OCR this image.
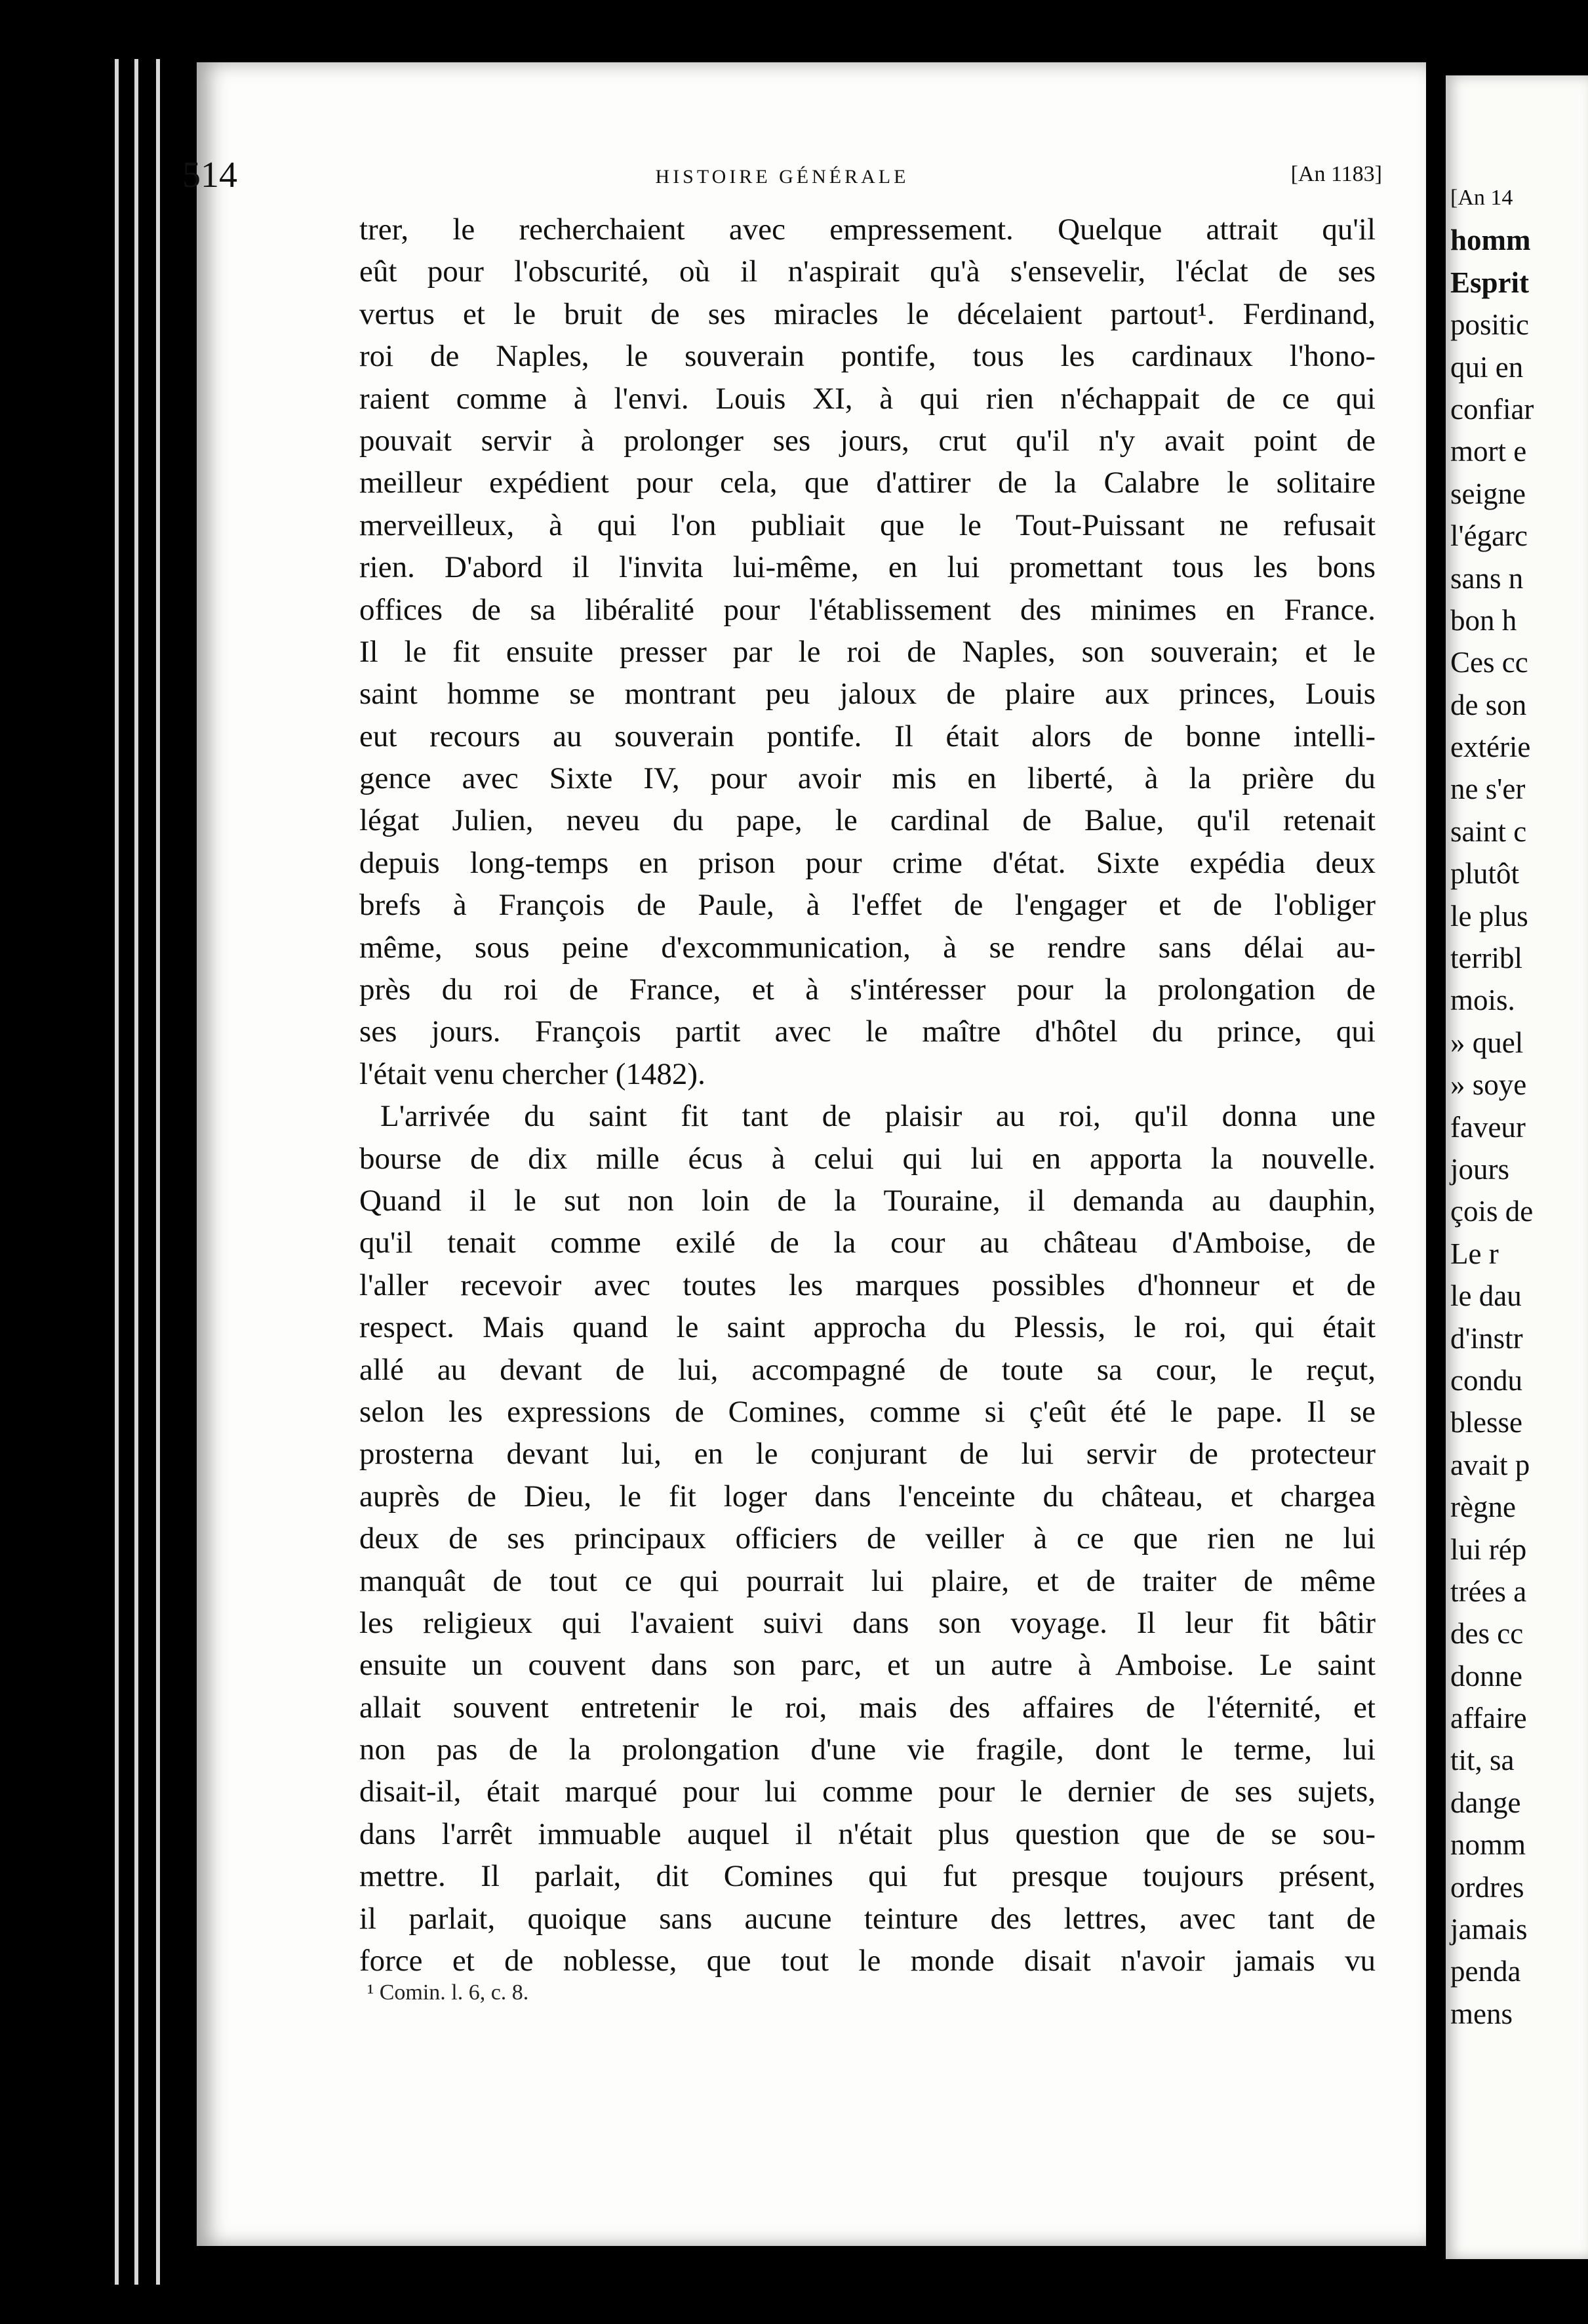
514	HISTOIRE GÉNÉRALE	[An 1183]
trer, le recherchaient avec empressement. Quelque attrait qu'il
eût pour l'obscurité, où il n'aspirait qu'à s'ensevelir, l'éclat de ses
vertus et le bruit de ses miracles le décelaient partout¹. Ferdinand,
roi de Naples, le souverain pontife, tous les cardinaux l'hono-
raient comme à l'envi. Louis XI, à qui rien n'échappait de ce qui
pouvait servir à prolonger ses jours, crut qu'il n'y avait point de
meilleur expédient pour cela, que d'attirer de la Calabre le solitaire
merveilleux, à qui l'on publiait que le Tout-Puissant ne refusait
rien. D'abord il l'invita lui-même, en lui promettant tous les bons
offices de sa libéralité pour l'établissement des minimes en France.
Il le fit ensuite presser par le roi de Naples, son souverain; et le
saint homme se montrant peu jaloux de plaire aux princes, Louis
eut recours au souverain pontife. Il était alors de bonne intelli-
gence avec Sixte IV, pour avoir mis en liberté, à la prière du
légat Julien, neveu du pape, le cardinal de Balue, qu'il retenait
depuis long-temps en prison pour crime d'état. Sixte expédia deux
brefs à François de Paule, à l'effet de l'engager et de l'obliger
même, sous peine d'excommunication, à se rendre sans délai au-
près du roi de France, et à s'intéresser pour la prolongation de
ses jours. François partit avec le maître d'hôtel du prince, qui
l'était venu chercher (1482).
L'arrivée du saint fit tant de plaisir au roi, qu'il donna une
bourse de dix mille écus à celui qui lui en apporta la nouvelle.
Quand il le sut non loin de la Touraine, il demanda au dauphin,
qu'il tenait comme exilé de la cour au château d'Amboise, de
l'aller recevoir avec toutes les marques possibles d'honneur et de
respect. Mais quand le saint approcha du Plessis, le roi, qui était
allé au devant de lui, accompagné de toute sa cour, le reçut,
selon les expressions de Comines, comme si ç'eût été le pape. Il se
prosterna devant lui, en le conjurant de lui servir de protecteur
auprès de Dieu, le fit loger dans l'enceinte du château, et chargea
deux de ses principaux officiers de veiller à ce que rien ne lui
manquât de tout ce qui pourrait lui plaire, et de traiter de même
les religieux qui l'avaient suivi dans son voyage. Il leur fit bâtir
ensuite un couvent dans son parc, et un autre à Amboise. Le saint
allait souvent entretenir le roi, mais des affaires de l'éternité, et
non pas de la prolongation d'une vie fragile, dont le terme, lui
disait-il, était marqué pour lui comme pour le dernier de ses sujets,
dans l'arrêt immuable auquel il n'était plus question que de se sou-
mettre. Il parlait, dit Comines qui fut presque toujours présent,
il parlait, quoique sans aucune teinture des lettres, avec tant de
force et de noblesse, que tout le monde disait n'avoir jamais vu
¹ Comin. l. 6, c. 8.
[An 14
homm
Esprit
positic
qui en
confiar
mort e
seigne
l'égarc
sans n
bon h
Ces cc
de son
extérie
ne s'er
saint c
plutôt
le plus
terribl
mois.
» quel
» soye
faveur
jours
çois de
Le r
le dau
d'instr
condu
blesse
avait p
règne
lui rép
trées a
des cc
donne
affaire
tit, sa
dange
nomm
ordres
jamais
penda
mens
